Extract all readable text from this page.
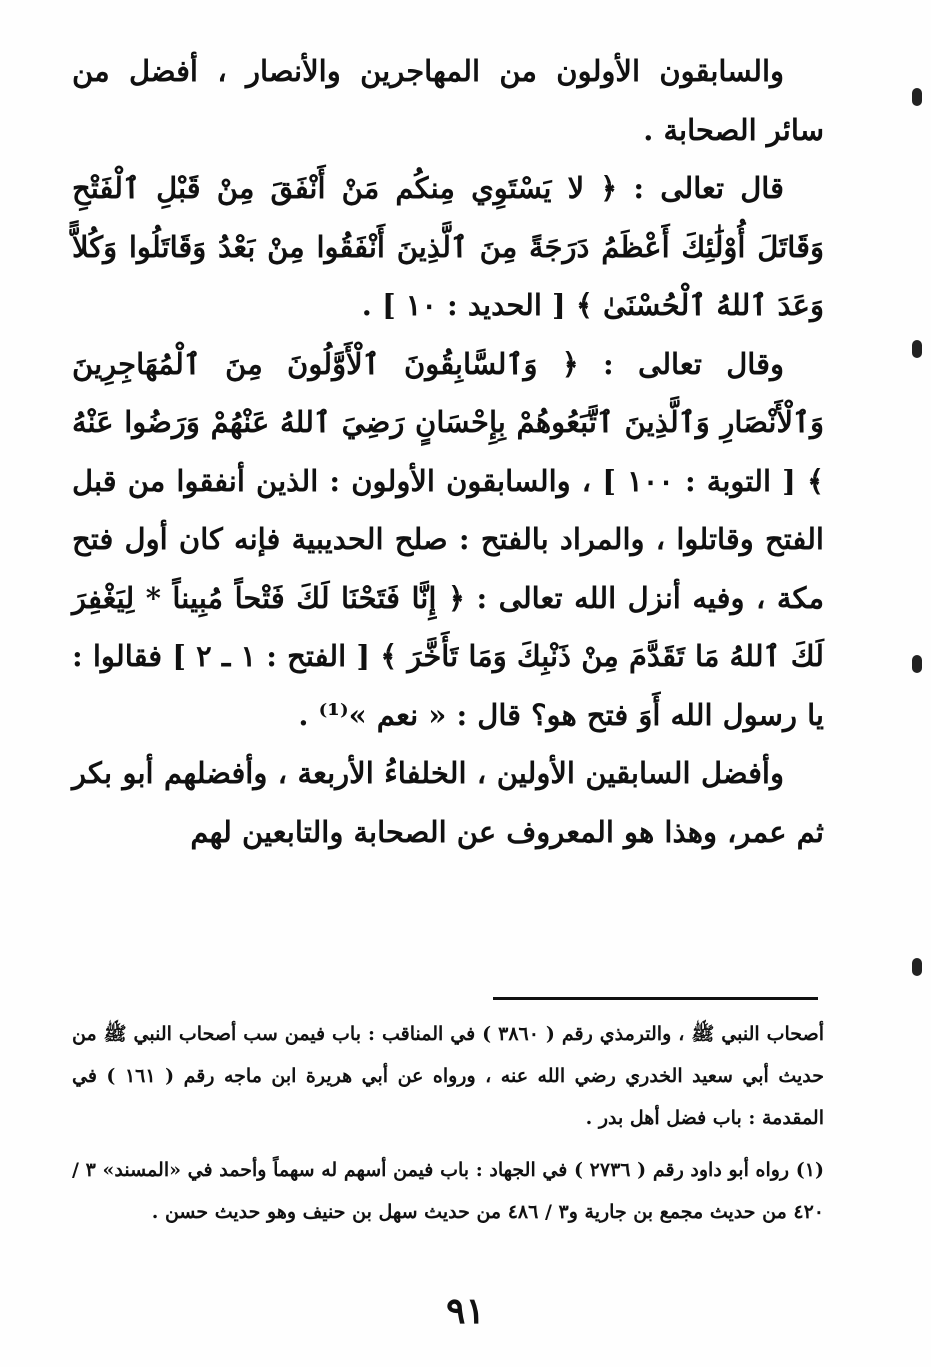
والسابقون الأولون من المهاجرين والأنصار ، أفضل من سائر الصحابة .

قال تعالى : ﴿ لا يَسْتَوِي مِنكُم مَنْ أَنْفَقَ مِنْ قَبْلِ ٱلْفَتْحِ وَقَاتَلَ أُوْلَٰئِكَ أَعْظَمُ دَرَجَةً مِنَ ٱلَّذِينَ أَنْفَقُوا مِنْ بَعْدُ وَقَاتَلُوا وَكُلاًّ وَعَدَ ٱللهُ ٱلْحُسْنَىٰ ﴾ [ الحديد : ١٠ ] .

وقال تعالى : ﴿ وَٱلسَّابِقُونَ ٱلْأَوَّلُونَ مِنَ ٱلْمُهَاجِرِينَ وَٱلْأَنْصَارِ وَٱلَّذِينَ ٱتَّبَعُوهُمْ بِإِحْسَانٍ رَضِيَ ٱللهُ عَنْهُمْ وَرَضُوا عَنْهُ ﴾ [ التوبة : ١٠٠ ] ، والسابقون الأولون : الذين أنفقوا من قبل الفتح وقاتلوا ، والمراد بالفتح : صلح الحديبية فإنه كان أول فتح مكة ، وفيه أنزل الله تعالى : ﴿ إِنَّا فَتَحْنَا لَكَ فَتْحاً مُبِيناً * لِيَغْفِرَ لَكَ ٱللهُ مَا تَقَدَّمَ مِنْ ذَنْبِكَ وَمَا تَأَخَّرَ ﴾ [ الفتح : ١ ـ ٢ ] فقالوا : يا رسول الله أَوَ فتح هو؟ قال : « نعم »⁽¹⁾ .

وأفضل السابقين الأولين ، الخلفاءُ الأربعة ، وأفضلهم أبو بكر ثم عمر، وهذا هو المعروف عن الصحابة والتابعين لهم

أصحاب النبي ﷺ ، والترمذي رقم ( ٣٨٦٠ ) في المناقب : باب فيمن سب أصحاب النبي ﷺ من حديث أبي سعيد الخدري رضي الله عنه ، ورواه عن أبي هريرة ابن ماجه رقم ( ١٦١ ) في المقدمة : باب فضل أهل بدر .

(١) رواه أبو داود رقم ( ٢٧٣٦ ) في الجهاد : باب فيمن أسهم له سهماً وأحمد في «المسند» ٣ / ٤٢٠ من حديث مجمع بن جارية و٣ / ٤٨٦ من حديث سهل بن حنيف وهو حديث حسن .

٩١
